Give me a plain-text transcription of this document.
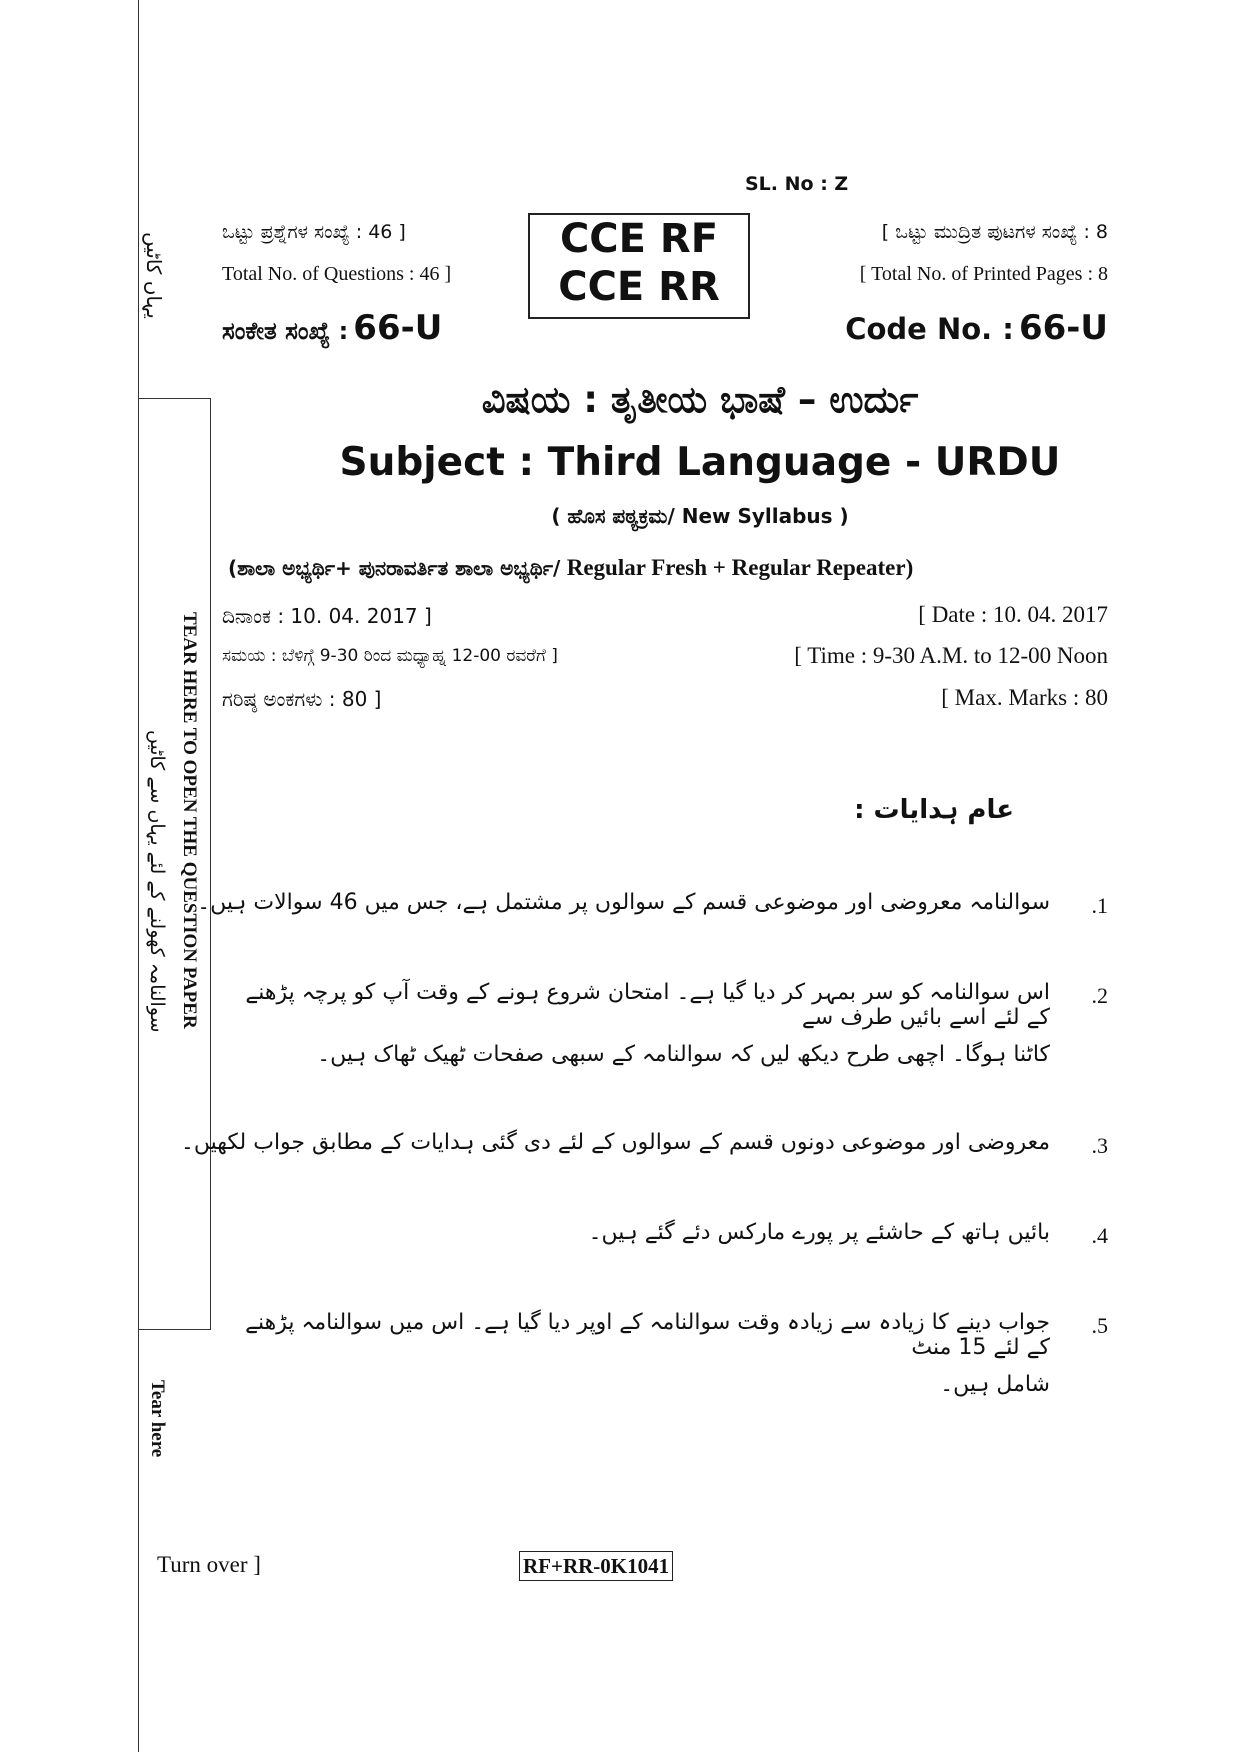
یہاں کاٹیں
TEAR HERE TO OPEN THE QUESTION PAPER
سوالنامہ کھولنے کے لئے یہاں سے کاٹیں
Tear here
SL. No : Z
ಒಟ್ಟು ಪ್ರಶ್ನೆಗಳ ಸಂಖ್ಯೆ : 46 ]
Total No. of Questions : 46 ]
CCE RF
CCE RR
[ ಒಟ್ಟು ಮುದ್ರಿತ ಪುಟಗಳ ಸಂಖ್ಯೆ : 8
[ Total No. of Printed Pages : 8
ಸಂಕೇತ ಸಂಖ್ಯೆ : 66-U	Code No. : 66-U
ವಿಷಯ : ತೃತೀಯ ಭಾಷೆ – ಉರ್ದು
Subject : Third Language - URDU
( ಹೊಸ ಪಠ್ಯಕ್ರಮ/ New Syllabus )
(ಶಾಲಾ ಅಭ್ಯರ್ಥಿ+ ಪುನರಾವರ್ತಿತ ಶಾಲಾ ಅಭ್ಯರ್ಥಿ/ Regular Fresh + Regular Repeater)
ದಿನಾಂಕ : 10. 04. 2017 ]	[ Date : 10. 04. 2017
ಸಮಯ : ಬೆಳಿಗ್ಗೆ 9-30 ರಿಂದ ಮಧ್ಯಾಹ್ನ 12-00 ರವರೆಗೆ ]	[ Time : 9-30 A.M. to 12-00 Noon
ಗರಿಷ್ಠ ಅಂಕಗಳು : 80 ]	[ Max. Marks : 80
عام ہدایات :
.1
سوالنامہ معروضی اور موضوعی قسم کے سوالوں پر مشتمل ہے، جس میں 46 سوالات ہیں۔
.2
اس سوالنامہ کو سر بمہر کر دیا گیا ہے۔ امتحان شروع ہونے کے وقت آپ کو پرچہ پڑھنے کے لئے اسے بائیں طرف سے
کاٹنا ہوگا۔ اچھی طرح دیکھ لیں کہ سوالنامہ کے سبھی صفحات ٹھیک ٹھاک ہیں۔
.3
معروضی اور موضوعی دونوں قسم کے سوالوں کے لئے دی گئی ہدایات کے مطابق جواب لکھیں۔
.4
بائیں ہاتھ کے حاشئے پر پورے مارکس دئے گئے ہیں۔
.5
جواب دینے کا زیادہ سے زیادہ وقت سوالنامہ کے اوپر دیا گیا ہے۔ اس میں سوالنامہ پڑھنے کے لئے 15 منٹ
شامل ہیں۔
Turn over ]	RF+RR-0K1041
